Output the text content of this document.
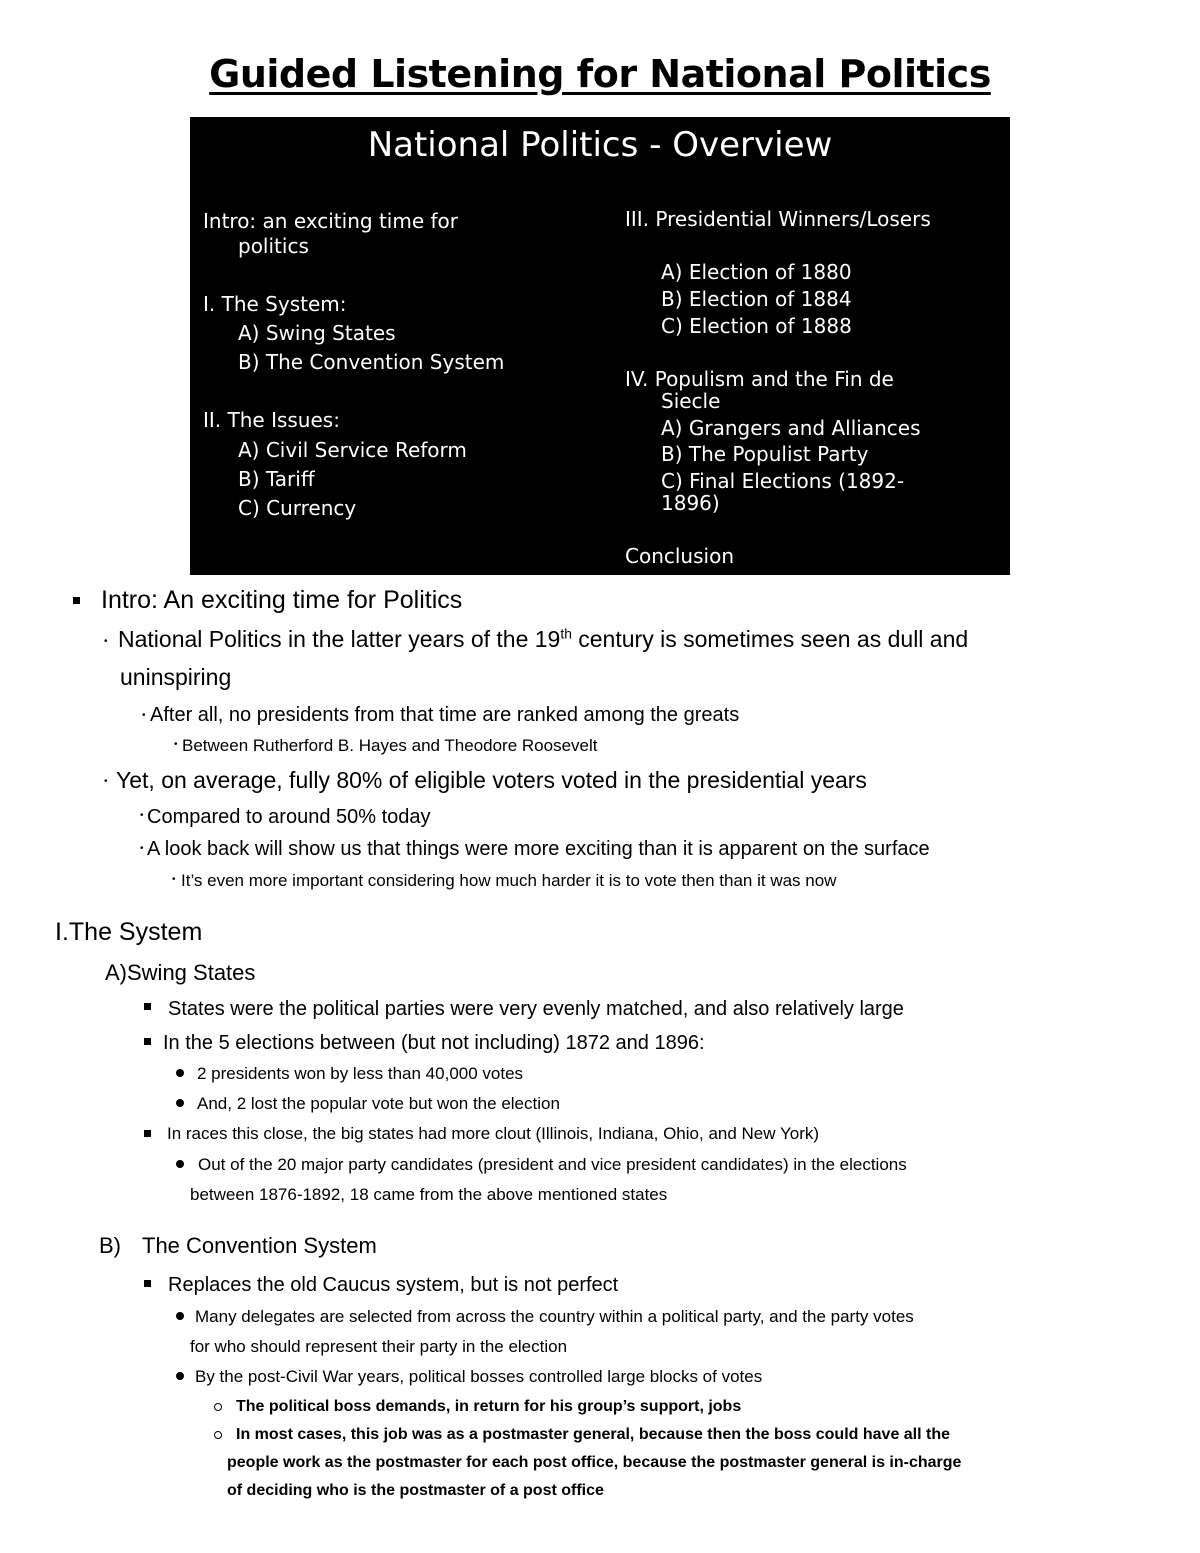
Guided Listening for National Politics
National Politics - Overview
Intro: an exciting time for
politics
I. The System:
A) Swing States
B) The Convention System
II. The Issues:
A) Civil Service Reform
B) Tariff
C) Currency
III. Presidential Winners/Losers
A) Election of 1880
B) Election of 1884
C) Election of 1888
IV. Populism and the Fin de
Siecle
A) Grangers and Alliances
B) The Populist Party
C) Final Elections (1892-
1896)
Conclusion
Intro: An exciting time for Politics
• National Politics in the latter years of the 19th century is sometimes seen as dull and
uninspiring
• After all, no presidents from that time are ranked among the greats
• Between Rutherford B. Hayes and Theodore Roosevelt
• Yet, on average, fully 80% of eligible voters voted in the presidential years
• Compared to around 50% today
• A look back will show us that things were more exciting than it is apparent on the surface
• It’s even more important considering how much harder it is to vote then than it was now
I.The System
A)Swing States
States were the political parties were very evenly matched, and also relatively large
In the 5 elections between (but not including) 1872 and 1896:
2 presidents won by less than 40,000 votes
And, 2 lost the popular vote but won the election
In races this close, the big states had more clout (Illinois, Indiana, Ohio, and New York)
Out of the 20 major party candidates (president and vice president candidates) in the elections
between 1876-1892, 18 came from the above mentioned states
B) The Convention System
Replaces the old Caucus system, but is not perfect
Many delegates are selected from across the country within a political party, and the party votes
for who should represent their party in the election
By the post-Civil War years, political bosses controlled large blocks of votes
The political boss demands, in return for his group’s support, jobs
In most cases, this job was as a postmaster general, because then the boss could have all the
people work as the postmaster for each post office, because the postmaster general is in-charge
of deciding who is the postmaster of a post office
